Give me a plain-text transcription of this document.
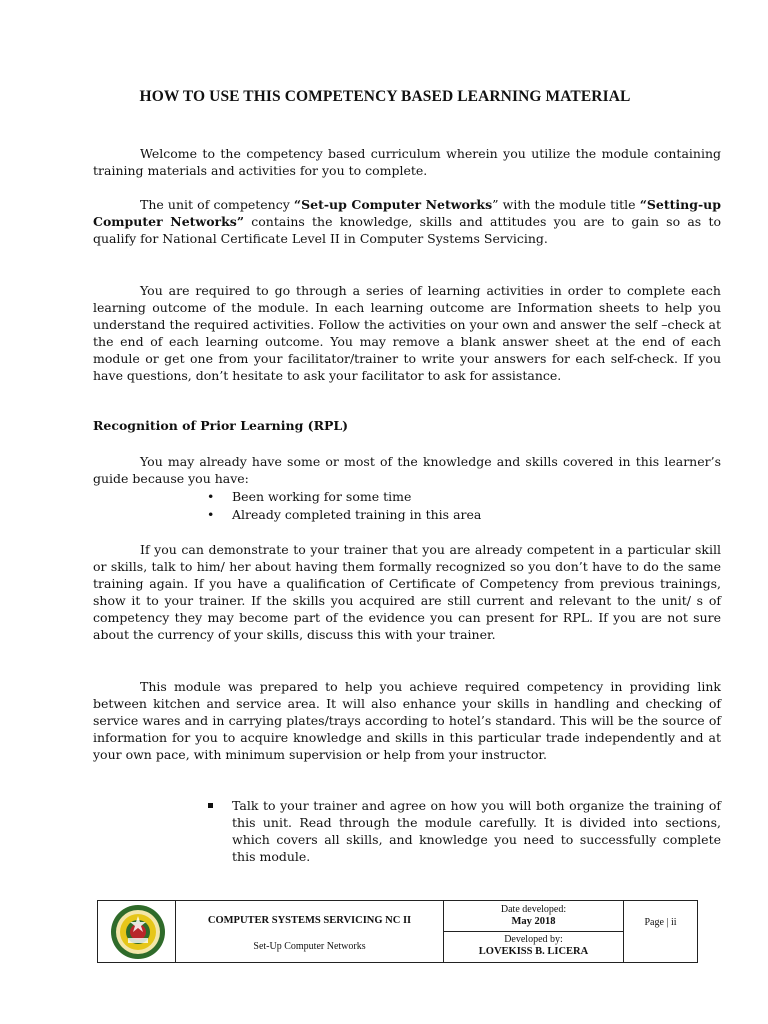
HOW TO USE THIS COMPETENCY BASED LEARNING MATERIAL

Welcome to the competency based curriculum wherein you utilize the module containing training materials and activities for you to complete.

The unit of competency “Set-up Computer Networks” with the module title “Setting-up Computer Networks” contains the knowledge, skills and attitudes you are to gain so as to qualify for National Certificate Level II in Computer Systems Servicing.

You are required to go through a series of learning activities in order to complete each learning outcome of the module. In each learning outcome are Information sheets to help you understand the required activities. Follow the activities on your own and answer the self –check at the end of each learning outcome. You may remove a blank answer sheet at the end of each module or get one from your facilitator/trainer to write your answers for each self-check. If you have questions, don’t hesitate to ask your facilitator to ask for assistance.

Recognition of Prior Learning (RPL)

You may already have some or most of the knowledge and skills covered in this learner’s guide because you have:

• Been working for some time
• Already completed training in this area

If you can demonstrate to your trainer that you are already competent in a particular skill or skills, talk to him/ her about having them formally recognized so you don’t have to do the same training again. If you have a qualification of Certificate of Competency from previous trainings, show it to your trainer. If the skills you acquired are still current and relevant to the unit/ s of competency they may become part of the evidence you can present for RPL. If you are not sure about the currency of your skills, discuss this with your trainer.

This module was prepared to help you achieve required competency in providing link between kitchen and service area. It will also enhance your skills in handling and checking of service wares and in carrying plates/trays according to hotel’s standard. This will be the source of information for you to acquire knowledge and skills in this particular trade independently and at your own pace, with minimum supervision or help from your instructor.

Talk to your trainer and agree on how you will both organize the training of this unit. Read through the module carefully. It is divided into sections, which covers all skills, and knowledge you need to successfully complete this module.
COMPUTER SYSTEMS SERVICING NC II
Set-Up Computer Networks
Date developed:
May 2018
Developed by:
LOVEKISS B. LICERA
Page | ii
